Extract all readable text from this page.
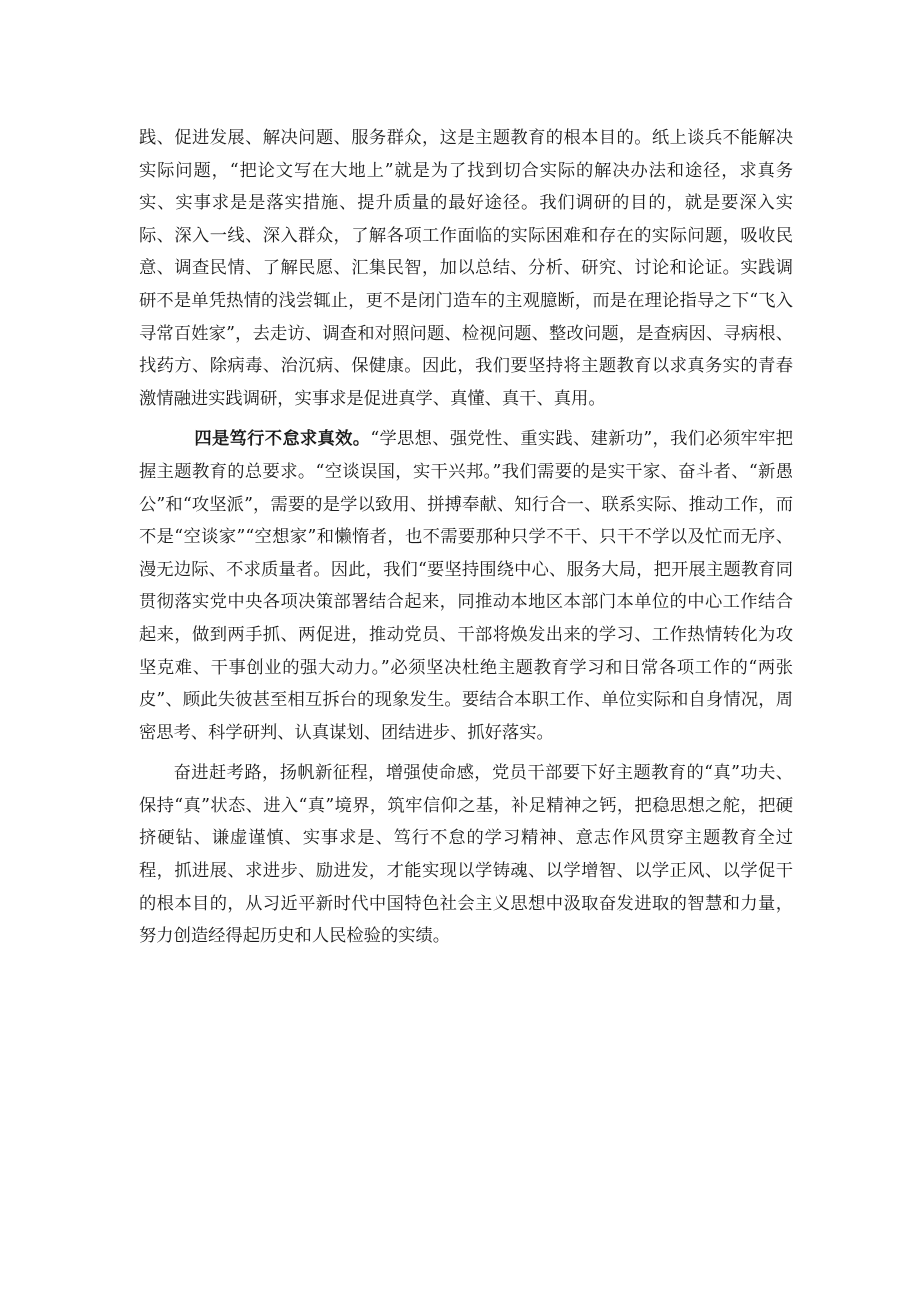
践、促进发展、解决问题、服务群众，这是主题教育的根本目的。纸上谈兵不能解决实际问题，“把论文写在大地上”就是为了找到切合实际的解决办法和途径，求真务实、实事求是是落实措施、提升质量的最好途径。我们调研的目的，就是要深入实际、深入一线、深入群众，了解各项工作面临的实际困难和存在的实际问题，吸收民意、调查民情、了解民愿、汇集民智，加以总结、分析、研究、讨论和论证。实践调研不是单凭热情的浅尝辄止，更不是闭门造车的主观臆断，而是在理论指导之下“飞入寻常百姓家”，去走访、调查和对照问题、检视问题、整改问题，是查病因、寻病根、找药方、除病毒、治沉病、保健康。因此，我们要坚持将主题教育以求真务实的青春激情融进实践调研，实事求是促进真学、真懂、真干、真用。

四是笃行不怠求真效。“学思想、强党性、重实践、建新功”，我们必须牢牢把握主题教育的总要求。“空谈误国，实干兴邦。”我们需要的是实干家、奋斗者、“新愚公”和“攻坚派”，需要的是学以致用、拼搏奉献、知行合一、联系实际、推动工作，而不是“空谈家”“空想家”和懒惰者，也不需要那种只学不干、只干不学以及忙而无序、漫无边际、不求质量者。因此，我们“要坚持围绕中心、服务大局，把开展主题教育同贯彻落实党中央各项决策部署结合起来，同推动本地区本部门本单位的中心工作结合起来，做到两手抓、两促进，推动党员、干部将焕发出来的学习、工作热情转化为攻坚克难、干事创业的强大动力。”必须坚决杜绝主题教育学习和日常各项工作的“两张皮”、顾此失彼甚至相互拆台的现象发生。要结合本职工作、单位实际和自身情况，周密思考、科学研判、认真谋划、团结进步、抓好落实。

奋进赶考路，扬帆新征程，增强使命感，党员干部要下好主题教育的“真”功夫、保持“真”状态、进入“真”境界，筑牢信仰之基，补足精神之钙，把稳思想之舵，把硬挤硬钻、谦虚谨慎、实事求是、笃行不怠的学习精神、意志作风贯穿主题教育全过程，抓进展、求进步、励进发，才能实现以学铸魂、以学增智、以学正风、以学促干的根本目的，从习近平新时代中国特色社会主义思想中汲取奋发进取的智慧和力量，努力创造经得起历史和人民检验的实绩。
